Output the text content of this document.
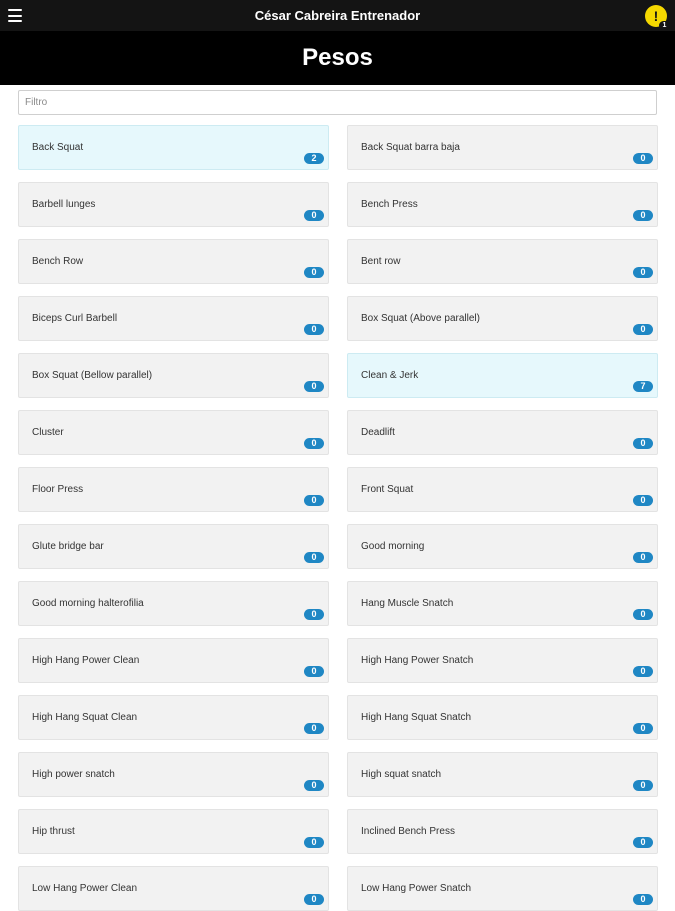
César Cabreira Entrenador	!
1
Pesos
Filtro
Back Squat
2
Back Squat barra baja
0
Barbell lunges
0
Bench Press
0
Bench Row
0
Bent row
0
Biceps Curl Barbell
0
Box Squat (Above parallel)
0
Box Squat (Bellow parallel)
0
Clean & Jerk
7
Cluster
0
Deadlift
0
Floor Press
0
Front Squat
0
Glute bridge bar
0
Good morning
0
Good morning halterofilia
0
Hang Muscle Snatch
0
High Hang Power Clean
0
High Hang Power Snatch
0
High Hang Squat Clean
0
High Hang Squat Snatch
0
High power snatch
0
High squat snatch
0
Hip thrust
0
Inclined Bench Press
0
Low Hang Power Clean
0
Low Hang Power Snatch
0
